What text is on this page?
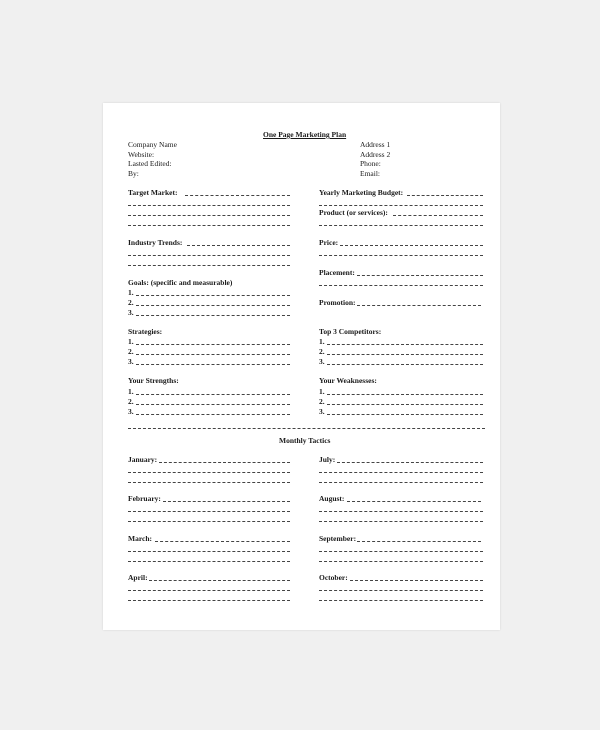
One Page Marketing Plan
Company Name
Website:
Lasted Edited:
By:
Address 1
Address 2
Phone:
Email:
Target Market:
Industry Trends:
Goals: (specific and measurable)
1.
2.
3.
Strategies:
1.
2.
3.
Your Strengths:
1.
2.
3.
Yearly Marketing Budget:
Product (or services):
Price:
Placement:
Promotion:
Top 3 Competitors:
1.
2.
3.
Your Weaknesses:
1.
2.
3.
Monthly Tactics
January:
February:
March:
April:
July:
August:
September:
October:
